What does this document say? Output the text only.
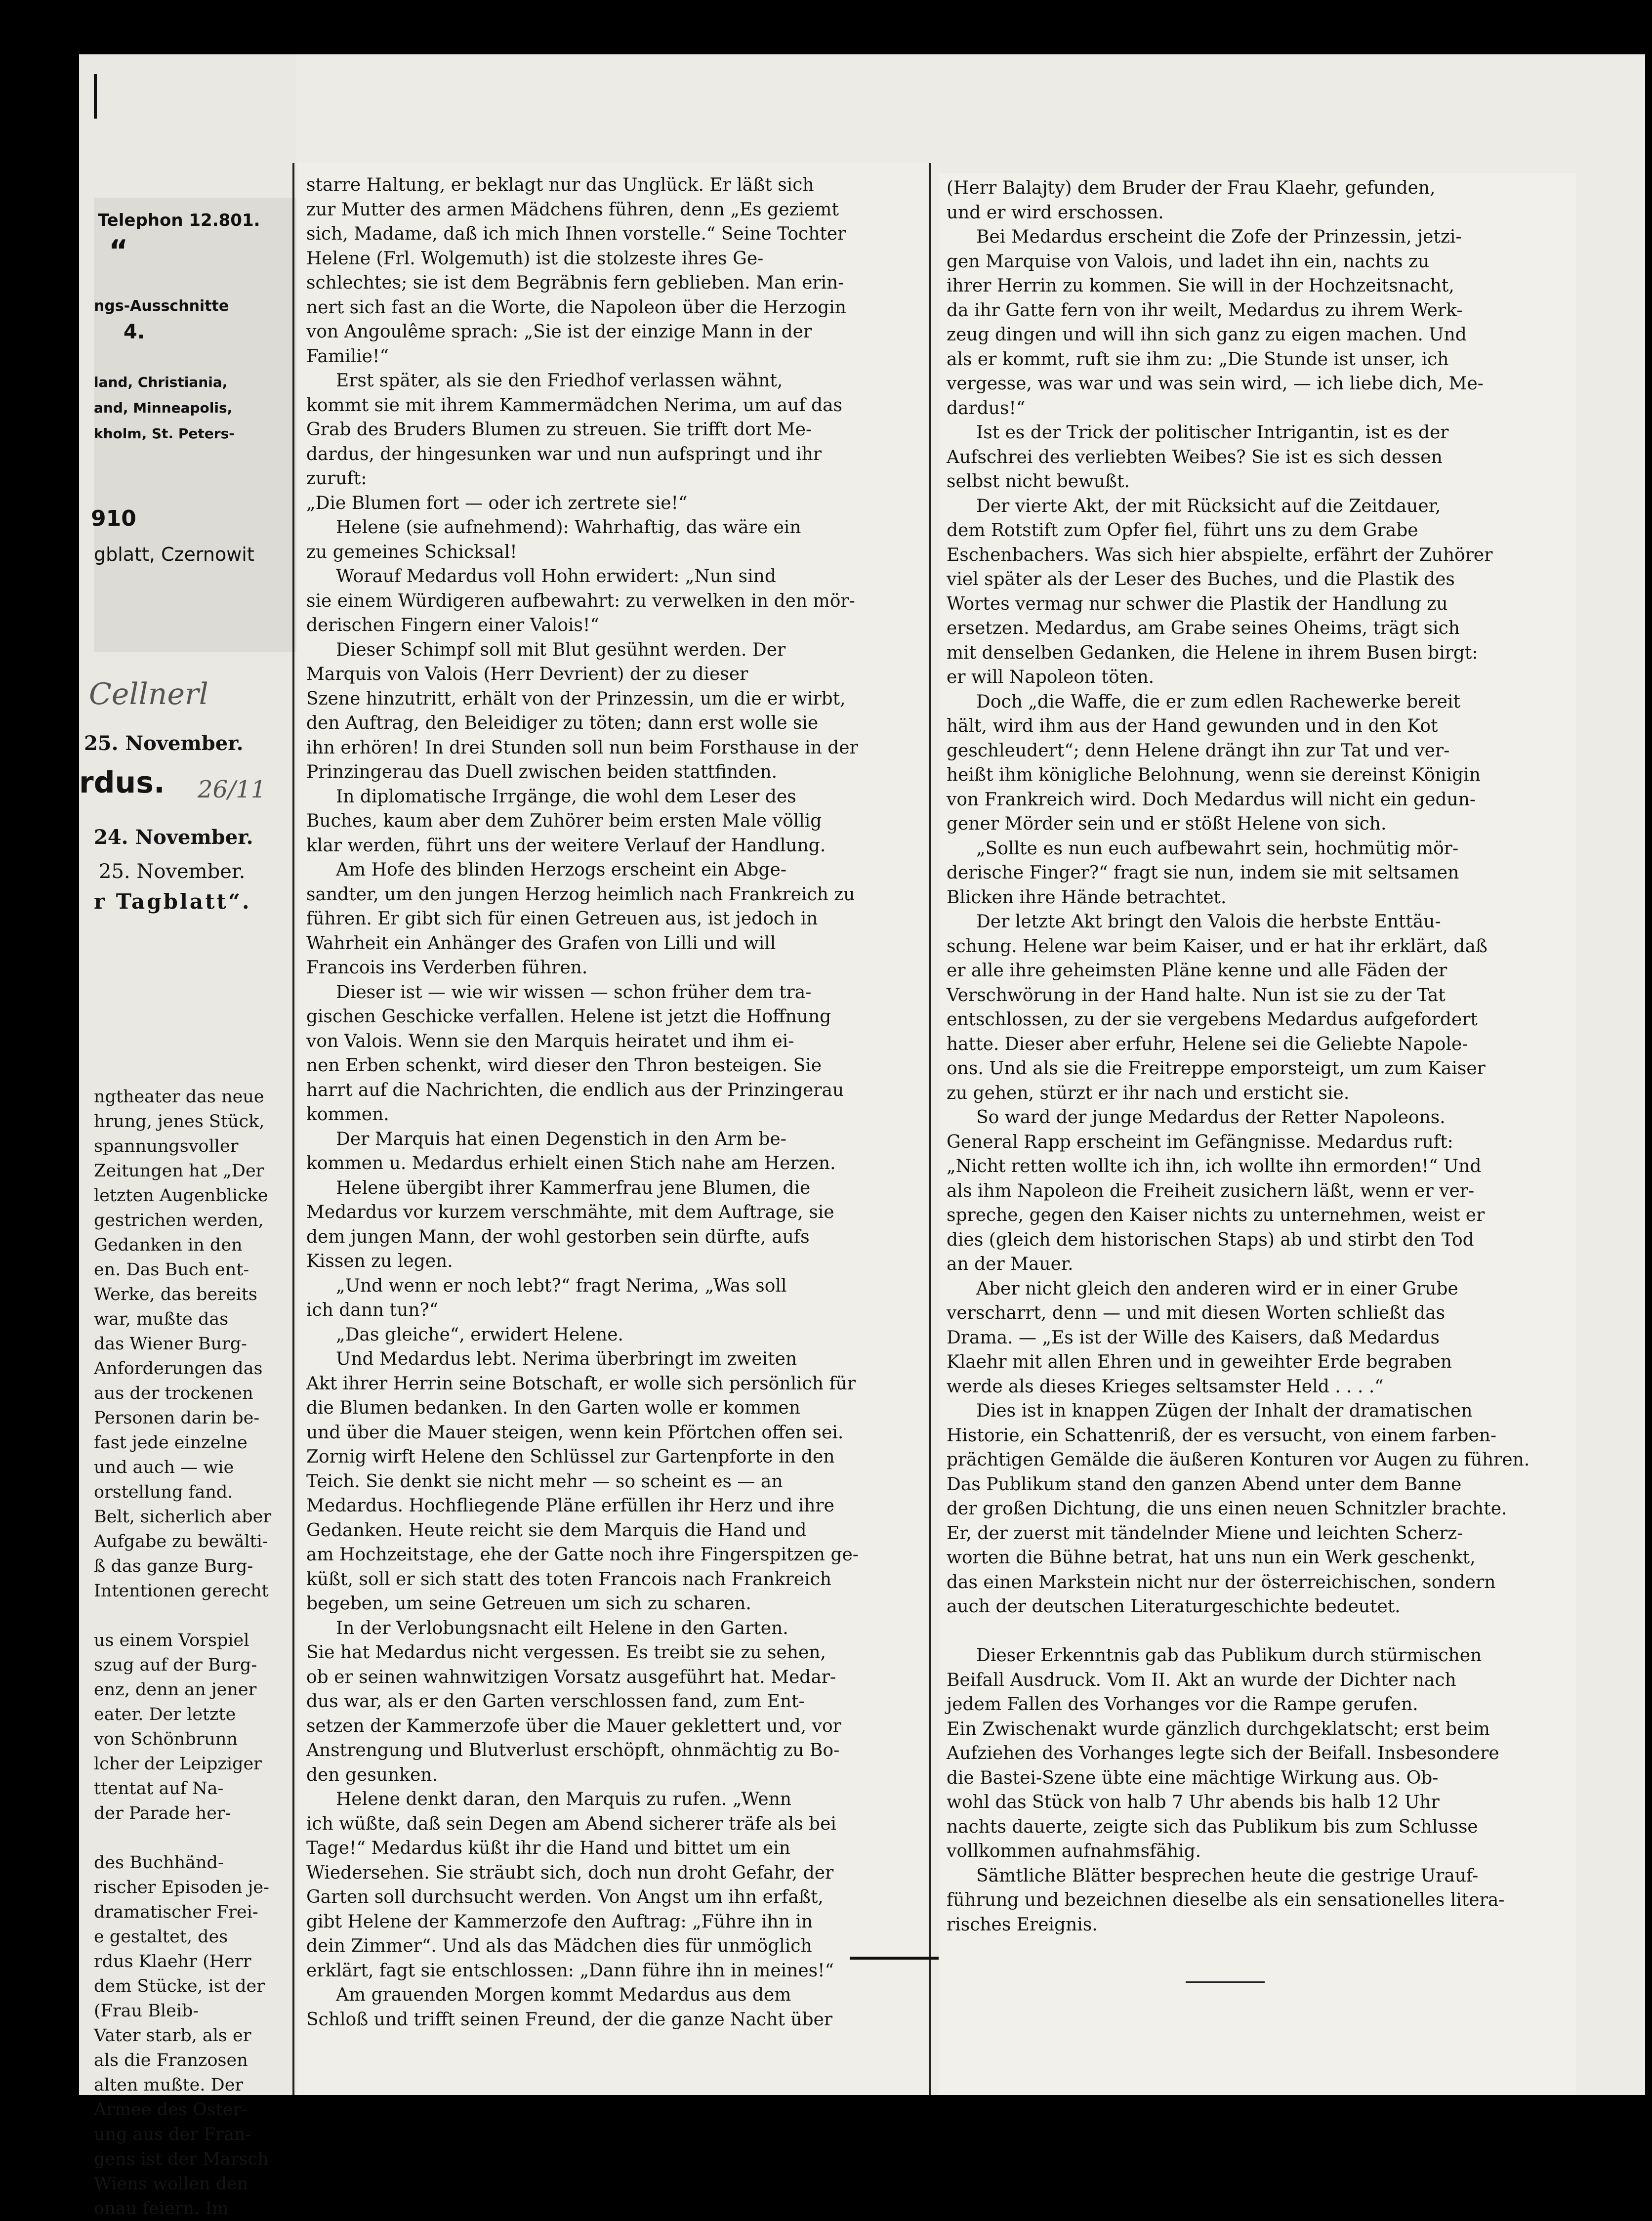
ngtheater das neue
hrung, jenes Stück,
spannungsvoller
Zeitungen hat „Der
letzten Augenblicke
gestrichen werden,
Gedanken in den
en. Das Buch ent-
Werke, das bereits
war, mußte das
das Wiener Burg-
Anforderungen das
aus der trockenen
Personen darin be-
fast jede einzelne
und auch — wie
orstellung fand.
Belt, sicherlich aber
Aufgabe zu bewälti-
ß das ganze Burg-
Intentionen gerecht

us einem Vorspiel
szug auf der Burg-
enz, denn an jener
eater. Der letzte
von Schönbrunn
lcher der Leipziger
ttentat auf Na-
der Parade her-

des Buchhänd-
rischer Episoden je-
dramatischer Frei-
e gestaltet, des
rdus Klaehr (Herr
dem Stücke, ist der
(Frau Bleib-
Vater starb, als er
als die Franzosen
alten mußte. Der
Armee des Oster-
ung aus der Fran-
gens ist der Marsch
Wiens wollen den
onau feiern. Im
Telephon 12.801.
“
ngs-Ausschnitte
4.
land, Christiania,
and, Minneapolis,
kholm, St. Peters-
910
gblatt, Czernowit
Cellnerl
25. November.
rdus. 26/11
24. November.
25. November.
r Tagblatt“.
starre Haltung, er beklagt nur das Unglück. Er läßt sich
zur Mutter des armen Mädchens führen, denn „Es geziemt
sich, Madame, daß ich mich Ihnen vorstelle.“ Seine Tochter
Helene (Frl. Wolgemuth) ist die stolzeste ihres Ge-
schlechtes; sie ist dem Begräbnis fern geblieben. Man erin-
nert sich fast an die Worte, die Napoleon über die Herzogin
von Angoulême sprach: „Sie ist der einzige Mann in der
Familie!“
Erst später, als sie den Friedhof verlassen wähnt,
kommt sie mit ihrem Kammermädchen Nerima, um auf das
Grab des Bruders Blumen zu streuen. Sie trifft dort Me-
dardus, der hingesunken war und nun aufspringt und ihr
zuruft:
„Die Blumen fort — oder ich zertrete sie!“
Helene (sie aufnehmend): Wahrhaftig, das wäre ein
zu gemeines Schicksal!
Worauf Medardus voll Hohn erwidert: „Nun sind
sie einem Würdigeren aufbewahrt: zu verwelken in den mör-
derischen Fingern einer Valois!“
Dieser Schimpf soll mit Blut gesühnt werden. Der
Marquis von Valois (Herr Devrient) der zu dieser
Szene hinzutritt, erhält von der Prinzessin, um die er wirbt,
den Auftrag, den Beleidiger zu töten; dann erst wolle sie
ihn erhören! In drei Stunden soll nun beim Forsthause in der
Prinzingerau das Duell zwischen beiden stattfinden.
In diplomatische Irrgänge, die wohl dem Leser des
Buches, kaum aber dem Zuhörer beim ersten Male völlig
klar werden, führt uns der weitere Verlauf der Handlung.
Am Hofe des blinden Herzogs erscheint ein Abge-
sandter, um den jungen Herzog heimlich nach Frankreich zu
führen. Er gibt sich für einen Getreuen aus, ist jedoch in
Wahrheit ein Anhänger des Grafen von Lilli und will
Francois ins Verderben führen.
Dieser ist — wie wir wissen — schon früher dem tra-
gischen Geschicke verfallen. Helene ist jetzt die Hoffnung
von Valois. Wenn sie den Marquis heiratet und ihm ei-
nen Erben schenkt, wird dieser den Thron besteigen. Sie
harrt auf die Nachrichten, die endlich aus der Prinzingerau
kommen.
Der Marquis hat einen Degenstich in den Arm be-
kommen u. Medardus erhielt einen Stich nahe am Herzen.
Helene übergibt ihrer Kammerfrau jene Blumen, die
Medardus vor kurzem verschmähte, mit dem Auftrage, sie
dem jungen Mann, der wohl gestorben sein dürfte, aufs
Kissen zu legen.
„Und wenn er noch lebt?“ fragt Nerima, „Was soll
ich dann tun?“
„Das gleiche“, erwidert Helene.
Und Medardus lebt. Nerima überbringt im zweiten
Akt ihrer Herrin seine Botschaft, er wolle sich persönlich für
die Blumen bedanken. In den Garten wolle er kommen
und über die Mauer steigen, wenn kein Pförtchen offen sei.
Zornig wirft Helene den Schlüssel zur Gartenpforte in den
Teich. Sie denkt sie nicht mehr — so scheint es — an
Medardus. Hochfliegende Pläne erfüllen ihr Herz und ihre
Gedanken. Heute reicht sie dem Marquis die Hand und
am Hochzeitstage, ehe der Gatte noch ihre Fingerspitzen ge-
küßt, soll er sich statt des toten Francois nach Frankreich
begeben, um seine Getreuen um sich zu scharen.
In der Verlobungsnacht eilt Helene in den Garten.
Sie hat Medardus nicht vergessen. Es treibt sie zu sehen,
ob er seinen wahnwitzigen Vorsatz ausgeführt hat. Medar-
dus war, als er den Garten verschlossen fand, zum Ent-
setzen der Kammerzofe über die Mauer geklettert und, vor
Anstrengung und Blutverlust erschöpft, ohnmächtig zu Bo-
den gesunken.
Helene denkt daran, den Marquis zu rufen. „Wenn
ich wüßte, daß sein Degen am Abend sicherer träfe als bei
Tage!“ Medardus küßt ihr die Hand und bittet um ein
Wiedersehen. Sie sträubt sich, doch nun droht Gefahr, der
Garten soll durchsucht werden. Von Angst um ihn erfaßt,
gibt Helene der Kammerzofe den Auftrag: „Führe ihn in
dein Zimmer“. Und als das Mädchen dies für unmöglich
erklärt, fagt sie entschlossen: „Dann führe ihn in meines!“
Am grauenden Morgen kommt Medardus aus dem
Schloß und trifft seinen Freund, der die ganze Nacht über
(Herr Balajty) dem Bruder der Frau Klaehr, gefunden,
und er wird erschossen.
Bei Medardus erscheint die Zofe der Prinzessin, jetzi-
gen Marquise von Valois, und ladet ihn ein, nachts zu
ihrer Herrin zu kommen. Sie will in der Hochzeitsnacht,
da ihr Gatte fern von ihr weilt, Medardus zu ihrem Werk-
zeug dingen und will ihn sich ganz zu eigen machen. Und
als er kommt, ruft sie ihm zu: „Die Stunde ist unser, ich
vergesse, was war und was sein wird, — ich liebe dich, Me-
dardus!“
Ist es der Trick der politischer Intrigantin, ist es der
Aufschrei des verliebten Weibes? Sie ist es sich dessen
selbst nicht bewußt.
Der vierte Akt, der mit Rücksicht auf die Zeitdauer,
dem Rotstift zum Opfer fiel, führt uns zu dem Grabe
Eschenbachers. Was sich hier abspielte, erfährt der Zuhörer
viel später als der Leser des Buches, und die Plastik des
Wortes vermag nur schwer die Plastik der Handlung zu
ersetzen. Medardus, am Grabe seines Oheims, trägt sich
mit denselben Gedanken, die Helene in ihrem Busen birgt:
er will Napoleon töten.
Doch „die Waffe, die er zum edlen Rachewerke bereit
hält, wird ihm aus der Hand gewunden und in den Kot
geschleudert“; denn Helene drängt ihn zur Tat und ver-
heißt ihm königliche Belohnung, wenn sie dereinst Königin
von Frankreich wird. Doch Medardus will nicht ein gedun-
gener Mörder sein und er stößt Helene von sich.
„Sollte es nun euch aufbewahrt sein, hochmütig mör-
derische Finger?“ fragt sie nun, indem sie mit seltsamen
Blicken ihre Hände betrachtet.
Der letzte Akt bringt den Valois die herbste Enttäu-
schung. Helene war beim Kaiser, und er hat ihr erklärt, daß
er alle ihre geheimsten Pläne kenne und alle Fäden der
Verschwörung in der Hand halte. Nun ist sie zu der Tat
entschlossen, zu der sie vergebens Medardus aufgefordert
hatte. Dieser aber erfuhr, Helene sei die Geliebte Napole-
ons. Und als sie die Freitreppe emporsteigt, um zum Kaiser
zu gehen, stürzt er ihr nach und ersticht sie.
So ward der junge Medardus der Retter Napoleons.
General Rapp erscheint im Gefängnisse. Medardus ruft:
„Nicht retten wollte ich ihn, ich wollte ihn ermorden!“ Und
als ihm Napoleon die Freiheit zusichern läßt, wenn er ver-
spreche, gegen den Kaiser nichts zu unternehmen, weist er
dies (gleich dem historischen Staps) ab und stirbt den Tod
an der Mauer.
Aber nicht gleich den anderen wird er in einer Grube
verscharrt, denn — und mit diesen Worten schließt das
Drama. — „Es ist der Wille des Kaisers, daß Medardus
Klaehr mit allen Ehren und in geweihter Erde begraben
werde als dieses Krieges seltsamster Held . . . .“
Dies ist in knappen Zügen der Inhalt der dramatischen
Historie, ein Schattenriß, der es versucht, von einem farben-
prächtigen Gemälde die äußeren Konturen vor Augen zu führen.
Das Publikum stand den ganzen Abend unter dem Banne
der großen Dichtung, die uns einen neuen Schnitzler brachte.
Er, der zuerst mit tändelnder Miene und leichten Scherz-
worten die Bühne betrat, hat uns nun ein Werk geschenkt,
das einen Markstein nicht nur der österreichischen, sondern
auch der deutschen Literaturgeschichte bedeutet.

Dieser Erkenntnis gab das Publikum durch stürmischen
Beifall Ausdruck. Vom II. Akt an wurde der Dichter nach
jedem Fallen des Vorhanges vor die Rampe gerufen.
Ein Zwischenakt wurde gänzlich durchgeklatscht; erst beim
Aufziehen des Vorhanges legte sich der Beifall. Insbesondere
die Bastei-Szene übte eine mächtige Wirkung aus. Ob-
wohl das Stück von halb 7 Uhr abends bis halb 12 Uhr
nachts dauerte, zeigte sich das Publikum bis zum Schlusse
vollkommen aufnahmsfähig.
Sämtliche Blätter besprechen heute die gestrige Urauf-
führung und bezeichnen dieselbe als ein sensationelles litera-
risches Ereignis.
